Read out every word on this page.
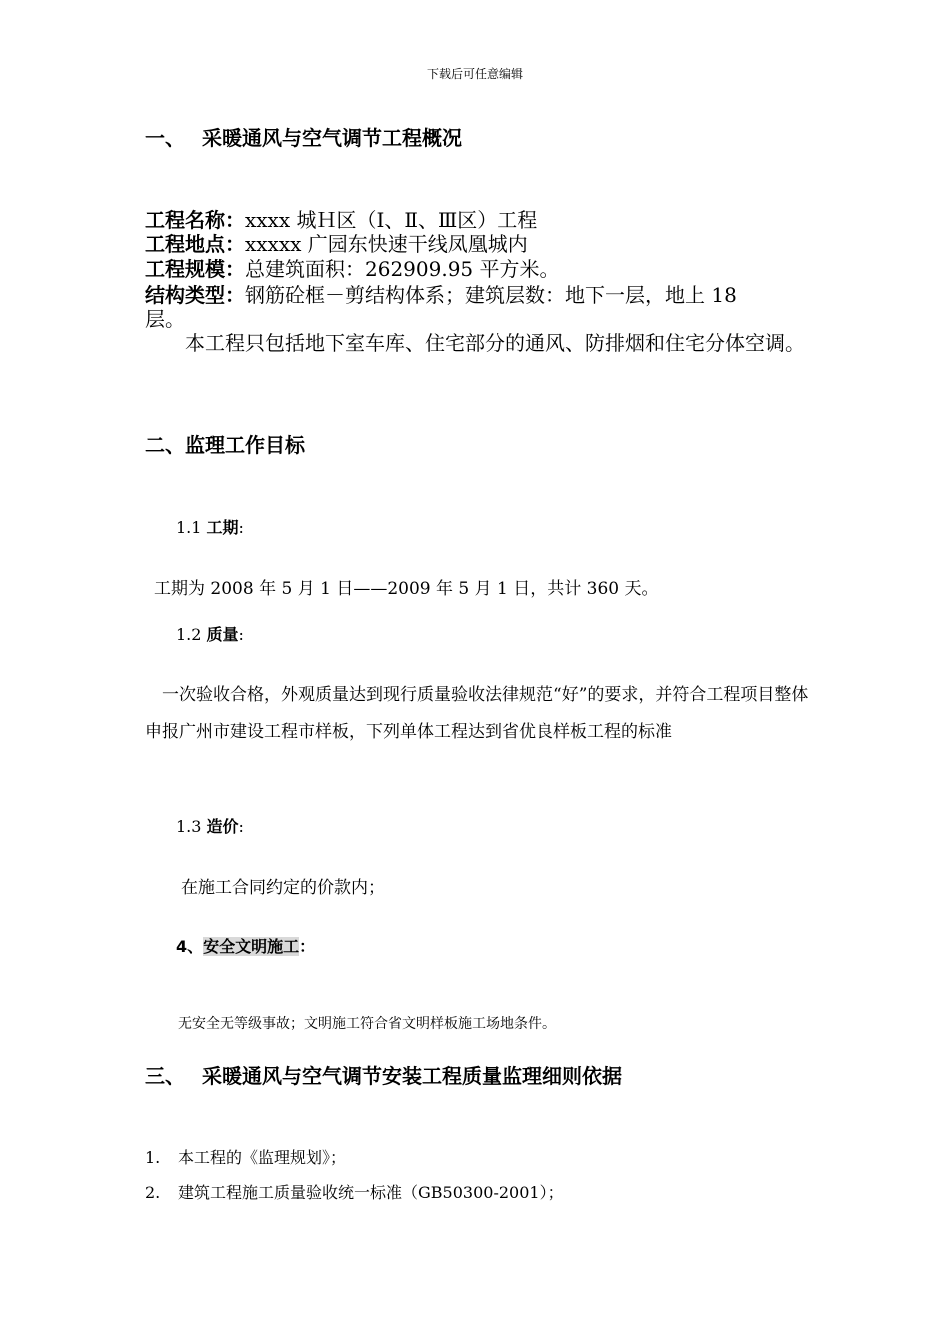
下载后可任意编辑
一、 采暖通风与空气调节工程概况
工程名称：xxxx 城Ｈ区（Ⅰ、Ⅱ、Ⅲ区）工程
工程地点：xxxxx 广园东快速干线凤凰城内
工程规模：总建筑面积：262909.95 平方米。
结构类型：钢筋砼框－剪结构体系；建筑层数：地下一层，地上 18
层。
本工程只包括地下室车库、住宅部分的通风、防排烟和住宅分体空调。
二、监理工作目标
1.1 工期:
工期为 2008 年 5 月 1 日——2009 年 5 月 1 日，共计 360 天。
1.2 质量:
一次验收合格，外观质量达到现行质量验收法律规范“好”的要求，并符合工程项目整体申报广州市建设工程市样板，下列单体工程达到省优良样板工程的标准
1.3 造价:
在施工合同约定的价款内；
4、安全文明施工：
无安全无等级事故；文明施工符合省文明样板施工场地条件。
三、 采暖通风与空气调节安装工程质量监理细则依据
1. 本工程的《监理规划》；
2. 建筑工程施工质量验收统一标准（GB50300-2001）；
